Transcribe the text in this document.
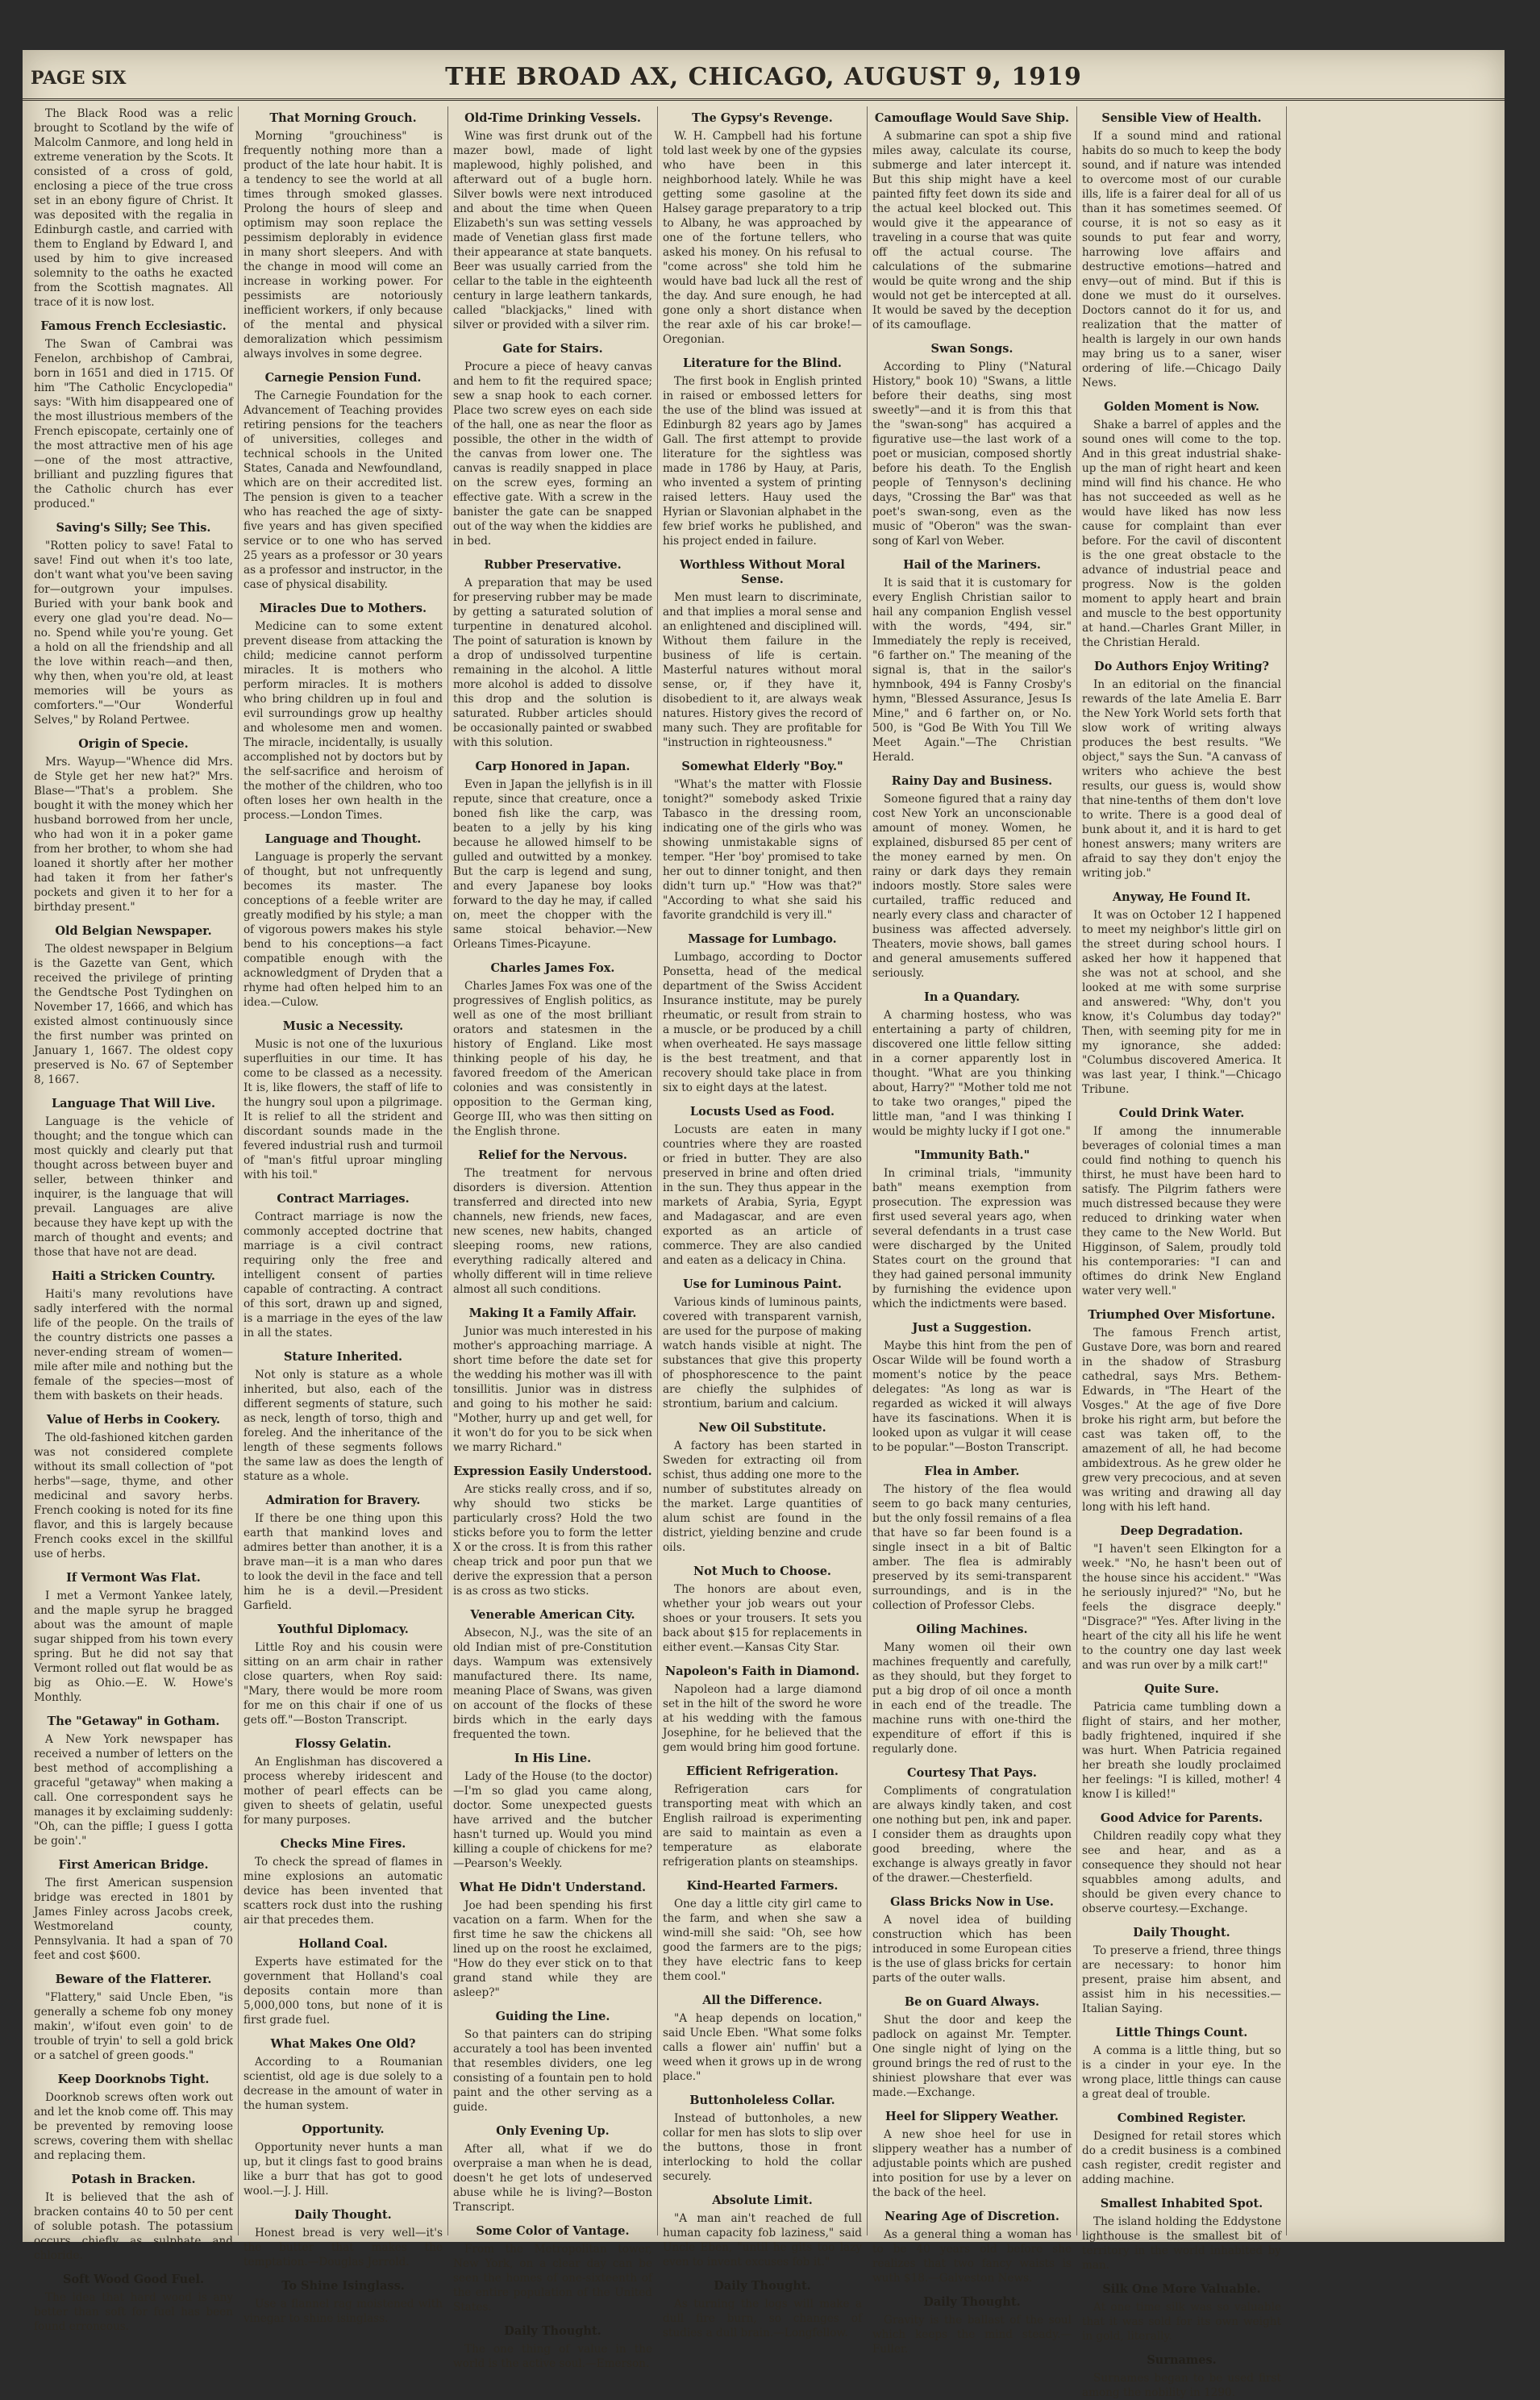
PAGE SIX	THE BROAD AX, CHICAGO, AUGUST 9, 1919

The Black Rood was a relic brought to Scotland by the wife of Malcolm Canmore, and long held in extreme veneration by the Scots. It consisted of a cross of gold, enclosing a piece of the true cross set in an ebony figure of Christ. It was deposited with the regalia in Edinburgh castle, and carried with them to England by Edward I, and used by him to give increased solemnity to the oaths he exacted from the Scottish magnates. All trace of it is now lost.

Famous French Ecclesiastic.

The Swan of Cambrai was Fenelon, archbishop of Cambrai, born in 1651 and died in 1715. Of him "The Catholic Encyclopedia" says: "With him disappeared one of the most illustrious members of the French episcopate, certainly one of the most attractive men of his age—one of the most attractive, brilliant and puzzling figures that the Catholic church has ever produced."

Saving's Silly; See This.

"Rotten policy to save! Fatal to save! Find out when it's too late, don't want what you've been saving for—outgrown your impulses. Buried with your bank book and every one glad you're dead. No—no. Spend while you're young. Get a hold on all the friendship and all the love within reach—and then, why then, when you're old, at least memories will be yours as comforters."—"Our Wonderful Selves," by Roland Pertwee.

Origin of Specie.

Mrs. Wayup—"Whence did Mrs. de Style get her new hat?" Mrs. Blase—"That's a problem. She bought it with the money which her husband borrowed from her uncle, who had won it in a poker game from her brother, to whom she had loaned it shortly after her mother had taken it from her father's pockets and given it to her for a birthday present."

Old Belgian Newspaper.

The oldest newspaper in Belgium is the Gazette van Gent, which received the privilege of printing the Gendtsche Post Tydinghen on November 17, 1666, and which has existed almost continuously since the first number was printed on January 1, 1667. The oldest copy preserved is No. 67 of September 8, 1667.

Language That Will Live.

Language is the vehicle of thought; and the tongue which can most quickly and clearly put that thought across between buyer and seller, between thinker and inquirer, is the language that will prevail. Languages are alive because they have kept up with the march of thought and events; and those that have not are dead.

Haiti a Stricken Country.

Haiti's many revolutions have sadly interfered with the normal life of the people. On the trails of the country districts one passes a never-ending stream of women—mile after mile and nothing but the female of the species—most of them with baskets on their heads.

Value of Herbs in Cookery.

The old-fashioned kitchen garden was not considered complete without its small collection of "pot herbs"—sage, thyme, and other medicinal and savory herbs. French cooking is noted for its fine flavor, and this is largely because French cooks excel in the skillful use of herbs.

If Vermont Was Flat.

I met a Vermont Yankee lately, and the maple syrup he bragged about was the amount of maple sugar shipped from his town every spring. But he did not say that Vermont rolled out flat would be as big as Ohio.—E. W. Howe's Monthly.

The "Getaway" in Gotham.

A New York newspaper has received a number of letters on the best method of accomplishing a graceful "getaway" when making a call. One correspondent says he manages it by exclaiming suddenly: "Oh, can the piffle; I guess I gotta be goin'."

First American Bridge.

The first American suspension bridge was erected in 1801 by James Finley across Jacobs creek, Westmoreland county, Pennsylvania. It had a span of 70 feet and cost $600.

Beware of the Flatterer.

"Flattery," said Uncle Eben, "is generally a scheme fob ony money makin', w'ifout even goin' to de trouble of tryin' to sell a gold brick or a satchel of green goods."

Keep Doorknobs Tight.

Doorknob screws often work out and let the knob come off. This may be prevented by removing loose screws, covering them with shellac and replacing them.

Potash in Bracken.

It is believed that the ash of bracken contains 40 to 50 per cent of soluble potash. The potassium occurs chiefly as sulphate and chloride.

Soft Wood Good Fuel.

The idea that hard wood is any better than soft for fuel has been found erroneous.

That Morning Grouch.

Morning "grouchiness" is frequently nothing more than a product of the late hour habit. It is a tendency to see the world at all times through smoked glasses. Prolong the hours of sleep and optimism may soon replace the pessimism deplorably in evidence in many short sleepers. And with the change in mood will come an increase in working power. For pessimists are notoriously inefficient workers, if only because of the mental and physical demoralization which pessimism always involves in some degree.

Carnegie Pension Fund.

The Carnegie Foundation for the Advancement of Teaching provides retiring pensions for the teachers of universities, colleges and technical schools in the United States, Canada and Newfoundland, which are on their accredited list. The pension is given to a teacher who has reached the age of sixty-five years and has given specified service or to one who has served 25 years as a professor or 30 years as a professor and instructor, in the case of physical disability.

Miracles Due to Mothers.

Medicine can to some extent prevent disease from attacking the child; medicine cannot perform miracles. It is mothers who perform miracles. It is mothers who bring children up in foul and evil surroundings grow up healthy and wholesome men and women. The miracle, incidentally, is usually accomplished not by doctors but by the self-sacrifice and heroism of the mother of the children, who too often loses her own health in the process.—London Times.

Language and Thought.

Language is properly the servant of thought, but not unfrequently becomes its master. The conceptions of a feeble writer are greatly modified by his style; a man of vigorous powers makes his style bend to his conceptions—a fact compatible enough with the acknowledgment of Dryden that a rhyme had often helped him to an idea.—Culow.

Music a Necessity.

Music is not one of the luxurious superfluities in our time. It has come to be classed as a necessity. It is, like flowers, the staff of life to the hungry soul upon a pilgrimage. It is relief to all the strident and discordant sounds made in the fevered industrial rush and turmoil of "man's fitful uproar mingling with his toil."

Contract Marriages.

Contract marriage is now the commonly accepted doctrine that marriage is a civil contract requiring only the free and intelligent consent of parties capable of contracting. A contract of this sort, drawn up and signed, is a marriage in the eyes of the law in all the states.

Stature Inherited.

Not only is stature as a whole inherited, but also, each of the different segments of stature, such as neck, length of torso, thigh and foreleg. And the inheritance of the length of these segments follows the same law as does the length of stature as a whole.

Admiration for Bravery.

If there be one thing upon this earth that mankind loves and admires better than another, it is a brave man—it is a man who dares to look the devil in the face and tell him he is a devil.—President Garfield.

Youthful Diplomacy.

Little Roy and his cousin were sitting on an arm chair in rather close quarters, when Roy said: "Mary, there would be more room for me on this chair if one of us gets off."—Boston Transcript.

Flossy Gelatin.

An Englishman has discovered a process whereby iridescent and mother of pearl effects can be given to sheets of gelatin, useful for many purposes.

Checks Mine Fires.

To check the spread of flames in mine explosions an automatic device has been invented that scatters rock dust into the rushing air that precedes them.

Holland Coal.

Experts have estimated for the government that Holland's coal deposits contain more than 5,000,000 tons, but none of it is first grade fuel.

What Makes One Old?

According to a Roumanian scientist, old age is due solely to a decrease in the amount of water in the human system.

Opportunity.

Opportunity never hunts a man up, but it clings fast to good brains like a burr that has got to good wool.—J. J. Hill.

Daily Thought.

Honest bread is very well—it's the butter that makes the temptation.—Douglas Jerrold.

To Shine Isinglass.

Use a flannel rag moistened with vinegar to shine isinglass.

Old-Time Drinking Vessels.

Wine was first drunk out of the mazer bowl, made of light maplewood, highly polished, and afterward out of a bugle horn. Silver bowls were next introduced and about the time when Queen Elizabeth's sun was setting vessels made of Venetian glass first made their appearance at state banquets. Beer was usually carried from the cellar to the table in the eighteenth century in large leathern tankards, called "blackjacks," lined with silver or provided with a silver rim.

Gate for Stairs.

Procure a piece of heavy canvas and hem to fit the required space; sew a snap hook to each corner. Place two screw eyes on each side of the hall, one as near the floor as possible, the other in the width of the canvas from lower one. The canvas is readily snapped in place on the screw eyes, forming an effective gate. With a screw in the banister the gate can be snapped out of the way when the kiddies are in bed.

Rubber Preservative.

A preparation that may be used for preserving rubber may be made by getting a saturated solution of turpentine in denatured alcohol. The point of saturation is known by a drop of undissolved turpentine remaining in the alcohol. A little more alcohol is added to dissolve this drop and the solution is saturated. Rubber articles should be occasionally painted or swabbed with this solution.

Carp Honored in Japan.

Even in Japan the jellyfish is in ill repute, since that creature, once a boned fish like the carp, was beaten to a jelly by his king because he allowed himself to be gulled and outwitted by a monkey. But the carp is legend and sung, and every Japanese boy looks forward to the day he may, if called on, meet the chopper with the same stoical behavior.—New Orleans Times-Picayune.

Charles James Fox.

Charles James Fox was one of the progressives of English politics, as well as one of the most brilliant orators and statesmen in the history of England. Like most thinking people of his day, he favored freedom of the American colonies and was consistently in opposition to the German king, George III, who was then sitting on the English throne.

Relief for the Nervous.

The treatment for nervous disorders is diversion. Attention transferred and directed into new channels, new friends, new faces, new scenes, new habits, changed sleeping rooms, new rations, everything radically altered and wholly different will in time relieve almost all such conditions.

Making It a Family Affair.

Junior was much interested in his mother's approaching marriage. A short time before the date set for the wedding his mother was ill with tonsillitis. Junior was in distress and going to his mother he said: "Mother, hurry up and get well, for it won't do for you to be sick when we marry Richard."

Expression Easily Understood.

Are sticks really cross, and if so, why should two sticks be particularly cross? Hold the two sticks before you to form the letter X or the cross. It is from this rather cheap trick and poor pun that we derive the expression that a person is as cross as two sticks.

Venerable American City.

Absecon, N.J., was the site of an old Indian mist of pre-Constitution days. Wampum was extensively manufactured there. Its name, meaning Place of Swans, was given on account of the flocks of these birds which in the early days frequented the town.

In His Line.

Lady of the House (to the doctor)—I'm so glad you came along, doctor. Some unexpected guests have arrived and the butcher hasn't turned up. Would you mind killing a couple of chickens for me?—Pearson's Weekly.

What He Didn't Understand.

Joe had been spending his first vacation on a farm. When for the first time he saw the chickens all lined up on the roost he exclaimed, "How do they ever stick on to that grand stand while they are asleep?"

Guiding the Line.

So that painters can do striping accurately a tool has been invented that resembles dividers, one leg consisting of a fountain pen to hold paint and the other serving as a guide.

Only Evening Up.

After all, what if we do overpraise a man when he is dead, doesn't he get lots of undeserved abuse while he is living?—Boston Transcript.

Some Color of Vantage.

From the Metropolitan tower, New York, on a clear day can be seen the homes of one-sixteenth of the entire population of the United States.

Daily Thought.

The one thing of value in the world is the active soul.—Emerson.

The Gypsy's Revenge.

W. H. Campbell had his fortune told last week by one of the gypsies who have been in this neighborhood lately. While he was getting some gasoline at the Halsey garage preparatory to a trip to Albany, he was approached by one of the fortune tellers, who asked his money. On his refusal to "come across" she told him he would have bad luck all the rest of the day. And sure enough, he had gone only a short distance when the rear axle of his car broke!—Oregonian.

Literature for the Blind.

The first book in English printed in raised or embossed letters for the use of the blind was issued at Edinburgh 82 years ago by James Gall. The first attempt to provide literature for the sightless was made in 1786 by Hauy, at Paris, who invented a system of printing raised letters. Hauy used the Hyrian or Slavonian alphabet in the few brief works he published, and his project ended in failure.

Worthless Without Moral Sense.

Men must learn to discriminate, and that implies a moral sense and an enlightened and disciplined will. Without them failure in the business of life is certain. Masterful natures without moral sense, or, if they have it, disobedient to it, are always weak natures. History gives the record of many such. They are profitable for "instruction in righteousness."

Somewhat Elderly "Boy."

"What's the matter with Flossie tonight?" somebody asked Trixie Tabasco in the dressing room, indicating one of the girls who was showing unmistakable signs of temper. "Her 'boy' promised to take her out to dinner tonight, and then didn't turn up." "How was that?" "According to what she said his favorite grandchild is very ill."

Massage for Lumbago.

Lumbago, according to Doctor Ponsetta, head of the medical department of the Swiss Accident Insurance institute, may be purely rheumatic, or result from strain to a muscle, or be produced by a chill when overheated. He says massage is the best treatment, and that recovery should take place in from six to eight days at the latest.

Locusts Used as Food.

Locusts are eaten in many countries where they are roasted or fried in butter. They are also preserved in brine and often dried in the sun. They thus appear in the markets of Arabia, Syria, Egypt and Madagascar, and are even exported as an article of commerce. They are also candied and eaten as a delicacy in China.

Use for Luminous Paint.

Various kinds of luminous paints, covered with transparent varnish, are used for the purpose of making watch hands visible at night. The substances that give this property of phosphorescence to the paint are chiefly the sulphides of strontium, barium and calcium.

New Oil Substitute.

A factory has been started in Sweden for extracting oil from schist, thus adding one more to the number of substitutes already on the market. Large quantities of alum schist are found in the district, yielding benzine and crude oils.

Not Much to Choose.

The honors are about even, whether your job wears out your shoes or your trousers. It sets you back about $15 for replacements in either event.—Kansas City Star.

Napoleon's Faith in Diamond.

Napoleon had a large diamond set in the hilt of the sword he wore at his wedding with the famous Josephine, for he believed that the gem would bring him good fortune.

Efficient Refrigeration.

Refrigeration cars for transporting meat with which an English railroad is experimenting are said to maintain as even a temperature as elaborate refrigeration plants on steamships.

Kind-Hearted Farmers.

One day a little city girl came to the farm, and when she saw a wind-mill she said: "Oh, see how good the farmers are to the pigs; they have electric fans to keep them cool."

All the Difference.

"A heap depends on location," said Uncle Eben. "What some folks calls a flower ain' nuffin' but a weed when it grows up in de wrong place."

Buttonholeless Collar.

Instead of buttonholes, a new collar for men has slots to slip over the buttons, those in front interlocking to hold the collar securely.

Absolute Limit.

"A man ain't reached de full human capacity fob laziness," said Uncle Eben, "until he gits too lazy even to invent excuses fob it."

Daily Thought.

As turning the logs will make a dull fire burn, so changes of studies a dull brain.—Longfellow.

Camouflage Would Save Ship.

A submarine can spot a ship five miles away, calculate its course, submerge and later intercept it. But this ship might have a keel painted fifty feet down its side and the actual keel blocked out. This would give it the appearance of traveling in a course that was quite off the actual course. The calculations of the submarine would be quite wrong and the ship would not get be intercepted at all. It would be saved by the deception of its camouflage.

Swan Songs.

According to Pliny ("Natural History," book 10) "Swans, a little before their deaths, sing most sweetly"—and it is from this that the "swan-song" has acquired a figurative use—the last work of a poet or musician, composed shortly before his death. To the English people of Tennyson's declining days, "Crossing the Bar" was that poet's swan-song, even as the music of "Oberon" was the swan-song of Karl von Weber.

Hail of the Mariners.

It is said that it is customary for every English Christian sailor to hail any companion English vessel with the words, "494, sir." Immediately the reply is received, "6 farther on." The meaning of the signal is, that in the sailor's hymnbook, 494 is Fanny Crosby's hymn, "Blessed Assurance, Jesus Is Mine," and 6 farther on, or No. 500, is "God Be With You Till We Meet Again."—The Christian Herald.

Rainy Day and Business.

Someone figured that a rainy day cost New York an unconscionable amount of money. Women, he explained, disbursed 85 per cent of the money earned by men. On rainy or dark days they remain indoors mostly. Store sales were curtailed, traffic reduced and nearly every class and character of business was affected adversely. Theaters, movie shows, ball games and general amusements suffered seriously.

In a Quandary.

A charming hostess, who was entertaining a party of children, discovered one little fellow sitting in a corner apparently lost in thought. "What are you thinking about, Harry?" "Mother told me not to take two oranges," piped the little man, "and I was thinking I would be mighty lucky if I got one."

"Immunity Bath."

In criminal trials, "immunity bath" means exemption from prosecution. The expression was first used several years ago, when several defendants in a trust case were discharged by the United States court on the ground that they had gained personal immunity by furnishing the evidence upon which the indictments were based.

Just a Suggestion.

Maybe this hint from the pen of Oscar Wilde will be found worth a moment's notice by the peace delegates: "As long as war is regarded as wicked it will always have its fascinations. When it is looked upon as vulgar it will cease to be popular."—Boston Transcript.

Flea in Amber.

The history of the flea would seem to go back many centuries, but the only fossil remains of a flea that have so far been found is a single insect in a bit of Baltic amber. The flea is admirably preserved by its semi-transparent surroundings, and is in the collection of Professor Clebs.

Oiling Machines.

Many women oil their own machines frequently and carefully, as they should, but they forget to put a big drop of oil once a month in each end of the treadle. The machine runs with one-third the expenditure of effort if this is regularly done.

Courtesy That Pays.

Compliments of congratulation are always kindly taken, and cost one nothing but pen, ink and paper. I consider them as draughts upon good breeding, where the exchange is always greatly in favor of the drawer.—Chesterfield.

Glass Bricks Now in Use.

A novel idea of building construction which has been introduced in some European cities is the use of glass bricks for certain parts of the outer walls.

Be on Guard Always.

Shut the door and keep the padlock on against Mr. Tempter. One single night of lying on the ground brings the red of rust to the shiniest plowshare that ever was made.—Exchange.

Heel for Slippery Weather.

A new shoe heel for use in slippery weather has a number of adjustable points which are pushed into position for use by a lever on the back of the heel.

Nearing Age of Discretion.

As a general thing a woman has to be 40 years old before she realizes that two fancy waists is wuth $18.—Galveston News.

Daily Thought.

Gravity is the ballast of the soul which keeps the mind steady.—Fuller.

Sensible View of Health.

If a sound mind and rational habits do so much to keep the body sound, and if nature was intended to overcome most of our curable ills, life is a fairer deal for all of us than it has sometimes seemed. Of course, it is not so easy as it sounds to put fear and worry, harrowing love affairs and destructive emotions—hatred and envy—out of mind. But if this is done we must do it ourselves. Doctors cannot do it for us, and realization that the matter of health is largely in our own hands may bring us to a saner, wiser ordering of life.—Chicago Daily News.

Golden Moment is Now.

Shake a barrel of apples and the sound ones will come to the top. And in this great industrial shake-up the man of right heart and keen mind will find his chance. He who has not succeeded as well as he would have liked has now less cause for complaint than ever before. For the cavil of discontent is the one great obstacle to the advance of industrial peace and progress. Now is the golden moment to apply heart and brain and muscle to the best opportunity at hand.—Charles Grant Miller, in the Christian Herald.

Do Authors Enjoy Writing?

In an editorial on the financial rewards of the late Amelia E. Barr the New York World sets forth that slow work of writing always produces the best results. "We object," says the Sun. "A canvass of writers who achieve the best results, our guess is, would show that nine-tenths of them don't love to write. There is a good deal of bunk about it, and it is hard to get honest answers; many writers are afraid to say they don't enjoy the writing job."

Anyway, He Found It.

It was on October 12 I happened to meet my neighbor's little girl on the street during school hours. I asked her how it happened that she was not at school, and she looked at me with some surprise and answered: "Why, don't you know, it's Columbus day today?" Then, with seeming pity for me in my ignorance, she added: "Columbus discovered America. It was last year, I think."—Chicago Tribune.

Could Drink Water.

If among the innumerable beverages of colonial times a man could find nothing to quench his thirst, he must have been hard to satisfy. The Pilgrim fathers were much distressed because they were reduced to drinking water when they came to the New World. But Higginson, of Salem, proudly told his contemporaries: "I can and oftimes do drink New England water very well."

Triumphed Over Misfortune.

The famous French artist, Gustave Dore, was born and reared in the shadow of Strasburg cathedral, says Mrs. Bethem-Edwards, in "The Heart of the Vosges." At the age of five Dore broke his right arm, but before the cast was taken off, to the amazement of all, he had become ambidextrous. As he grew older he grew very precocious, and at seven was writing and drawing all day long with his left hand.

Deep Degradation.

"I haven't seen Elkington for a week." "No, he hasn't been out of the house since his accident." "Was he seriously injured?" "No, but he feels the disgrace deeply." "Disgrace?" "Yes. After living in the heart of the city all his life he went to the country one day last week and was run over by a milk cart!"

Quite Sure.

Patricia came tumbling down a flight of stairs, and her mother, badly frightened, inquired if she was hurt. When Patricia regained her breath she loudly proclaimed her feelings: "I is killed, mother! 4 know I is killed!"

Good Advice for Parents.

Children readily copy what they see and hear, and as a consequence they should not hear squabbles among adults, and should be given every chance to observe courtesy.—Exchange.

Daily Thought.

To preserve a friend, three things are necessary: to honor him present, praise him absent, and assist him in his necessities.—Italian Saying.

Little Things Count.

A comma is a little thing, but so is a cinder in your eye. In the wrong place, little things can cause a great deal of trouble.

Combined Register.

Designed for retail stores which do a credit business is a combined cash register, credit register and adding machine.

Smallest Inhabited Spot.

The island holding the Eddystone lighthouse is the smallest bit of territory in the world inhabited by man.

Silk One More Valuable.

At one time silk was so valuable that it was sold for its own weight in gold, literally.

Surnames.

Surnames began to be used first among the nobility in 1290.
